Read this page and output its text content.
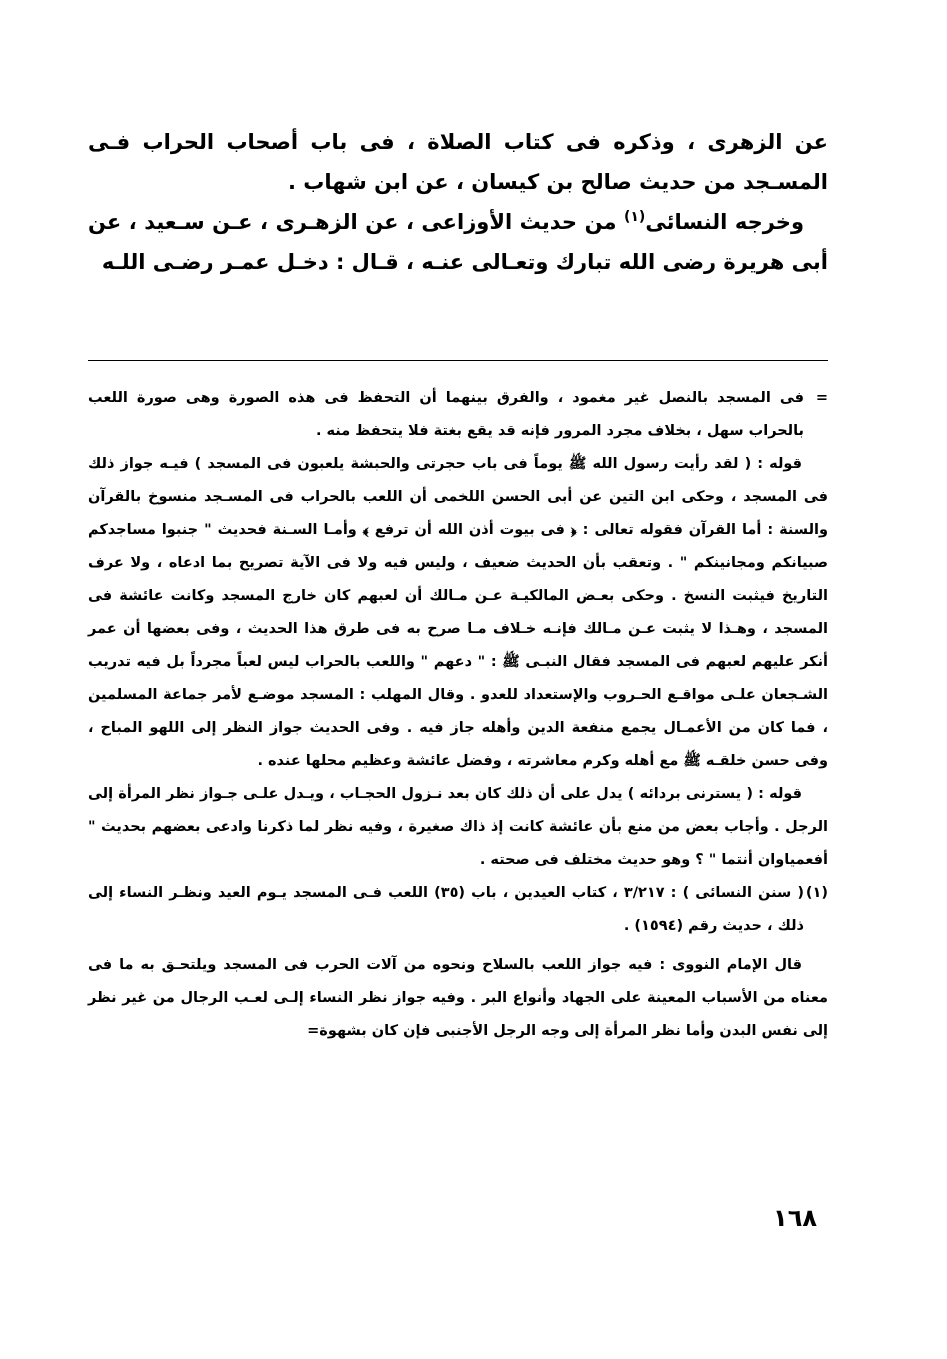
عن الزهرى ، وذكره فى كتاب الصلاة ، فى باب أصحاب الحراب فـى المسـجد من حديث صالح بن كيسان ، عن ابن شهاب .

وخرجه النسائى$^{(١)}$ من حديث الأوزاعى ، عن الزهـرى ، عـن سـعيد ، عن أبى هريرة رضى الله تبارك وتعـالى عنـه ، قـال : دخـل عمـر رضـى اللـه

=
فى المسجد بالنصل غير مغمود ، والفرق بينهما أن التحفظ فى هذه الصورة وهى صورة اللعب بالحراب سهل ، بخلاف مجرد المرور فإنه قد يقع بغتة فلا يتحفظ منه .

قوله : ( لقد رأيت رسول الله ﷺ يوماً فى باب حجرتى والحبشة يلعبون فى المسجد ) فيـه جواز ذلك فى المسجد ، وحكى ابن التين عن أبى الحسن اللخمى أن اللعب بالحراب فى المسـجد منسوخ بالقرآن والسنة : أما القرآن فقوله تعالى : ﴿ فى بيوت أذن الله أن ترفع ﴾ وأمـا السـنة فحديث " جنبوا مساجدكم صبيانكم ومجانينكم " . وتعقب بأن الحديث ضعيف ، وليس فيه ولا فى الآية تصريح بما ادعاه ، ولا عرف التاريخ فيثبت النسخ . وحكى بعـض المالكيـة عـن مـالك أن لعبهم كان خارج المسجد وكانت عائشة فى المسجد ، وهـذا لا يثبت عـن مـالك فإنـه خـلاف مـا صرح به فى طرق هذا الحديث ، وفى بعضها أن عمر أنكر عليهم لعبهم فى المسجد فقال النبـى ﷺ : " دعهم " واللعب بالحراب ليس لعباً مجرداً بل فيه تدريب الشـجعان علـى مواقـع الحـروب والإستعداد للعدو . وقال المهلب : المسجد موضـع لأمر جماعة المسلمين ، فما كان من الأعمـال يجمع منفعة الدين وأهله جاز فيه . وفى الحديث جواز النظر إلى اللهو المباح ، وفى حسن خلقـه ﷺ مع أهله وكرم معاشرته ، وفضل عائشة وعظيم محلها عنده .

قوله : ( يسترنى بردائه ) يدل على أن ذلك كان بعد نـزول الحجـاب ، ويـدل علـى جـواز نظر المرأة إلى الرجل . وأجاب بعض من منع بأن عائشة كانت إذ ذاك صغيرة ، وفيه نظر لما ذكرنا وادعى بعضهم بحديث " أفعمياوان أنتما " ؟ وهو حديث مختلف فى صحته .

(١)
( سنن النسائى ) : ٣/٢١٧ ، كتاب العيدين ، باب (٣٥) اللعب فـى المسجد يـوم العيد ونظـر النساء إلى ذلك ، حديث رقم (١٥٩٤) .

قال الإمام النووى : فيه جواز اللعب بالسلاح ونحوه من آلات الحرب فى المسجد ويلتحـق به ما فى معناه من الأسباب المعينة على الجهاد وأنواع البر . وفيه جواز نظر النساء إلـى لعـب الرجال من غير نظر إلى نفس البدن وأما نظر المرأة إلى وجه الرجل الأجنبى فإن كان بشهوة=

١٦٨
